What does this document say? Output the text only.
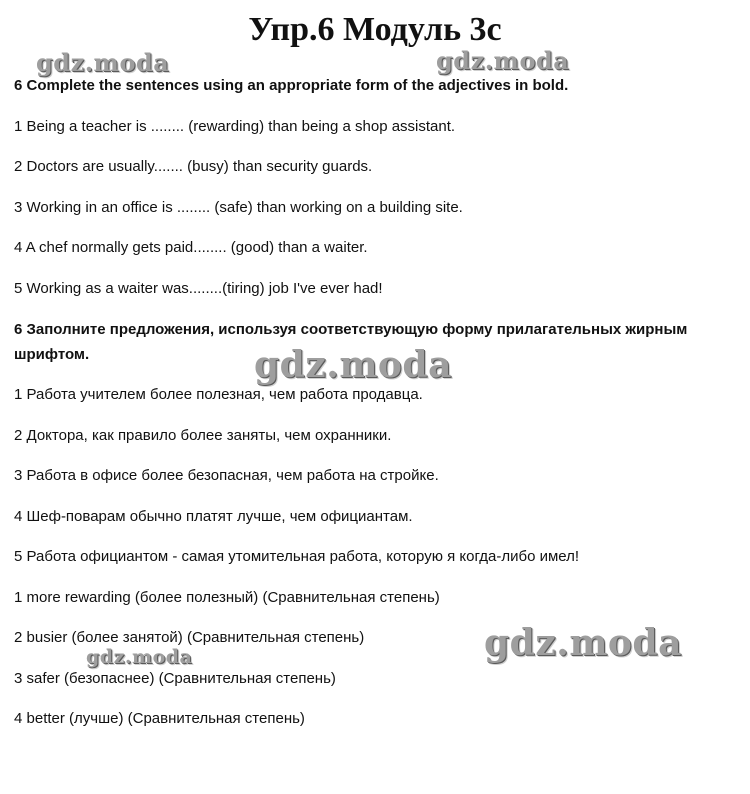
Упр.6 Модуль 3c
gdz.moda	gdz.moda
gdz.moda
gdz.moda
gdz.moda
6 Complete the sentences using an appropriate form of the adjectives in bold.
1 Being a teacher is ........ (rewarding) than being a shop assistant.
2 Doctors are usually....... (busy) than security guards.
3 Working in an office is ........ (safe) than working on a building site.
4 A chef normally gets paid........ (good) than a waiter.
5 Working as a waiter was........(tiring) job I've ever had!
6 Заполните предложения, используя соответствующую форму прилагательных жирным шрифтом.
1 Работа учителем более полезная, чем работа продавца.
2 Доктора, как правило более заняты, чем охранники.
3 Работа в офисе более безопасная, чем работа на стройке.
4 Шеф-поварам обычно платят лучше, чем официантам.
5 Работа официантом - самая утомительная работа, которую я когда-либо имел!
1 more rewarding (более полезный) (Сравнительная степень)
2 busier (более занятой) (Сравнительная степень)
3 safer (безопаснее) (Сравнительная степень)
4 better (лучше) (Сравнительная степень)
